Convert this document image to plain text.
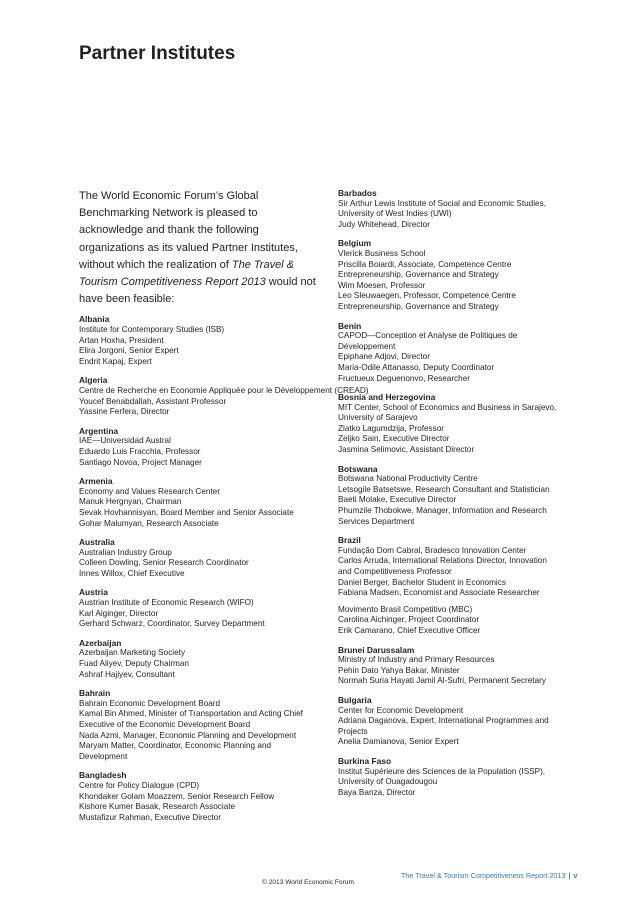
Partner Institutes

The World Economic Forum’s Global Benchmarking Network is pleased to acknowledge and thank the following organizations as its valued Partner Institutes, without which the realization of The Travel & Tourism Competitiveness Report 2013 would not have been feasible:

Albania

Institute for Contemporary Studies (ISB)

Artan Hoxha, President

Elira Jorgoni, Senior Expert

Endrit Kapaj, Expert

Algeria

Centre de Recherche en Economie Appliquée pour le Développement (CREAD)

Youcef Benabdallah, Assistant Professor

Yassine Ferfera, Director

Argentina

IAE—Universidad Austral

Eduardo Luis Fracchia, Professor

Santiago Novoa, Project Manager

Armenia

Economy and Values Research Center

Manuk Hergnyan, Chairman

Sevak Hovhannisyan, Board Member and Senior Associate

Gohar Malumyan, Research Associate

Australia

Australian Industry Group

Colleen Dowling, Senior Research Coordinator

Innes Willox, Chief Executive

Austria

Austrian Institute of Economic Research (WIFO)

Karl Aiginger, Director

Gerhard Schwarz, Coordinator, Survey Department

Azerbaijan

Azerbaijan Marketing Society

Fuad Aliyev, Deputy Chairman

Ashraf Hajiyev, Consultant

Bahrain

Bahrain Economic Development Board

Kamal Bin Ahmed, Minister of Transportation and Acting Chief

Executive of the Economic Development Board

Nada Azmi, Manager, Economic Planning and Development

Maryam Matter, Coordinator, Economic Planning and

Development

Bangladesh

Centre for Policy Dialogue (CPD)

Khondaker Golam Moazzem, Senior Research Fellow

Kishore Kumer Basak, Research Associate

Mustafizur Rahman, Executive Director

Barbados

Sir Arthur Lewis Institute of Social and Economic Studies,

University of West Indies (UWI)

Judy Whitehead, Director

Belgium

Vlerick Business School

Priscilla Boiardi, Associate, Competence Centre

Entrepreneurship, Governance and Strategy

Wim Moesen, Professor

Leo Sleuwaegen, Professor, Competence Centre

Entrepreneurship, Governance and Strategy

Benin

CAPOD—Conception et Analyse de Politiques de

Développement

Epiphane Adjovi, Director

Maria-Odile Attanasso, Deputy Coordinator

Fructueux Deguenonvo, Researcher

Bosnia and Herzegovina

MIT Center, School of Economics and Business in Sarajevo,

University of Sarajevo

Zlatko Lagumdzija, Professor

Zeljko Sain, Executive Director

Jasmina Selimovic, Assistant Director

Botswana

Botswana National Productivity Centre

Letsogile Batsetswe, Research Consultant and Statistician

Baeti Molake, Executive Director

Phumzile Thobokwe, Manager, Information and Research

Services Department

Brazil

Fundação Dom Cabral, Bradesco Innovation Center

Carlos Arruda, International Relations Director, Innovation

and Competitiveness Professor

Daniel Berger, Bachelor Student in Economics

Fabiana Madsen, Economist and Associate Researcher

Movimento Brasil Competitivo (MBC)

Carolina Aichinger, Project Coordinator

Erik Camarano, Chief Executive Officer

Brunei Darussalam

Ministry of Industry and Primary Resources

Pehin Dato Yahya Bakar, Minister

Normah Suria Hayati Jamil Al-Sufri, Permanent Secretary

Bulgaria

Center for Economic Development

Adriana Daganova, Expert, International Programmes and

Projects

Anelia Damianova, Senior Expert

Burkina Faso

Institut Supérieure des Sciences de la Population (ISSP),

University of Ouagadougou

Baya Banza, Director

© 2013 World Economic Forum
The Travel & Tourism Competitiveness Report 2013 | v
